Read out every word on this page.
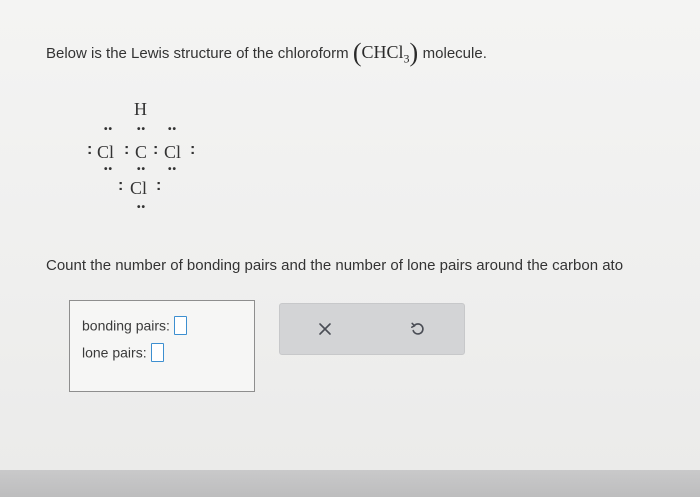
Below is the Lewis structure of the chloroform (CHCl$_3$) molecule.
H
•• •• ••
: Cl : C : Cl :
•• •• ••
: Cl :
••
Count the number of bonding pairs and the number of lone pairs around the carbon ato
bonding pairs:
lone pairs:
